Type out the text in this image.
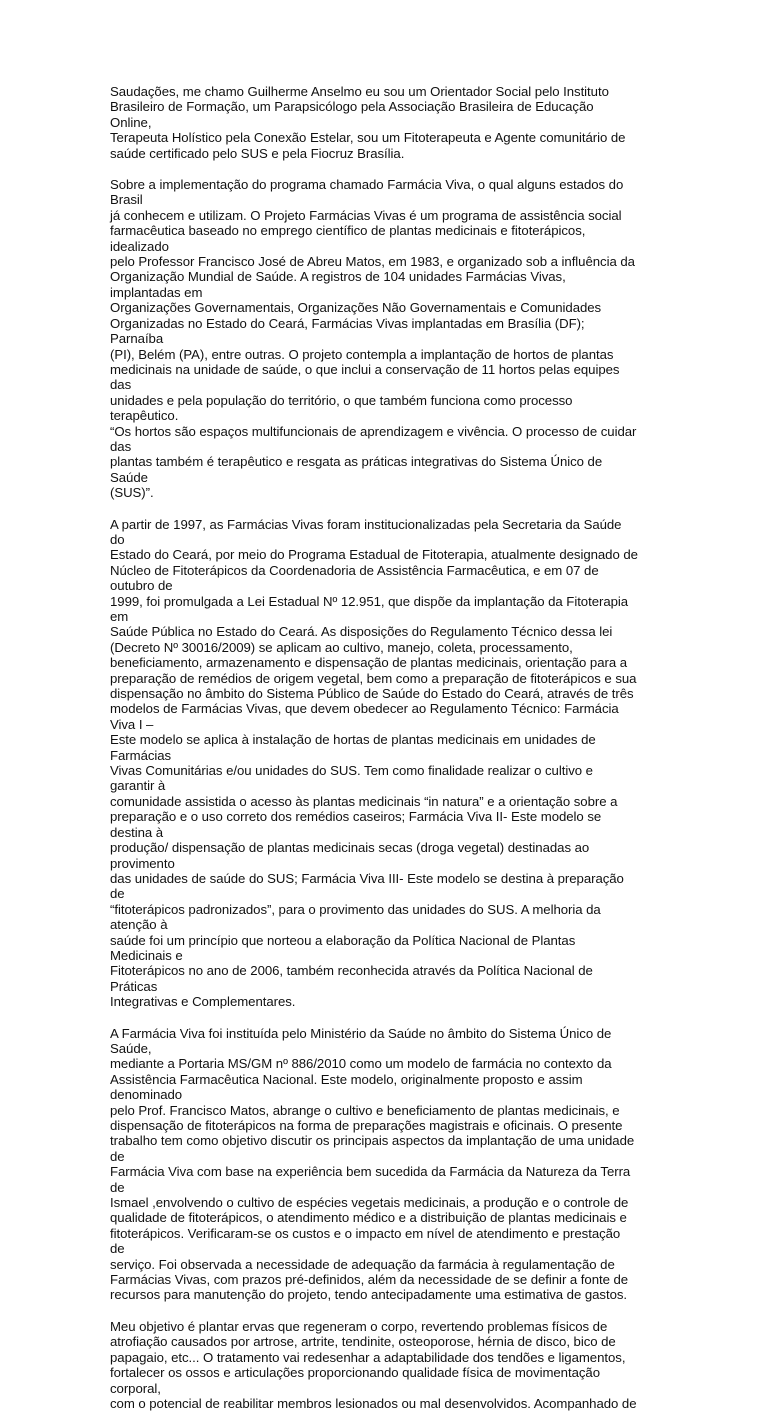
Saudações, me chamo Guilherme Anselmo eu sou um Orientador Social pelo Instituto
Brasileiro de Formação, um Parapsicólogo pela Associação Brasileira de Educação Online,
Terapeuta Holístico pela Conexão Estelar, sou um Fitoterapeuta e Agente comunitário de
saúde certificado pelo SUS e pela Fiocruz Brasília.

Sobre a implementação do programa chamado Farmácia Viva, o qual alguns estados do Brasil
já conhecem e utilizam. O Projeto Farmácias Vivas é um programa de assistência social
farmacêutica baseado no emprego científico de plantas medicinais e fitoterápicos, idealizado
pelo Professor Francisco José de Abreu Matos, em 1983, e organizado sob a influência da
Organização Mundial de Saúde. A registros de 104 unidades Farmácias Vivas, implantadas em
Organizações Governamentais, Organizações Não Governamentais e Comunidades
Organizadas no Estado do Ceará, Farmácias Vivas implantadas em Brasília (DF); Parnaíba
(PI), Belém (PA), entre outras. O projeto contempla a implantação de hortos de plantas
medicinais na unidade de saúde, o que inclui a conservação de 11 hortos pelas equipes das
unidades e pela população do território, o que também funciona como processo terapêutico.
“Os hortos são espaços multifuncionais de aprendizagem e vivência. O processo de cuidar das
plantas também é terapêutico e resgata as práticas integrativas do Sistema Único de Saúde
(SUS)”.

A partir de 1997, as Farmácias Vivas foram institucionalizadas pela Secretaria da Saúde do
Estado do Ceará, por meio do Programa Estadual de Fitoterapia, atualmente designado de
Núcleo de Fitoterápicos da Coordenadoria de Assistência Farmacêutica, e em 07 de outubro de
1999, foi promulgada a Lei Estadual Nº 12.951, que dispõe da implantação da Fitoterapia em
Saúde Pública no Estado do Ceará. As disposições do Regulamento Técnico dessa lei
(Decreto Nº 30016/2009) se aplicam ao cultivo, manejo, coleta, processamento,
beneficiamento, armazenamento e dispensação de plantas medicinais, orientação para a
preparação de remédios de origem vegetal, bem como a preparação de fitoterápicos e sua
dispensação no âmbito do Sistema Público de Saúde do Estado do Ceará, através de três
modelos de Farmácias Vivas, que devem obedecer ao Regulamento Técnico: Farmácia Viva I –
Este modelo se aplica à instalação de hortas de plantas medicinais em unidades de Farmácias
Vivas Comunitárias e/ou unidades do SUS. Tem como finalidade realizar o cultivo e garantir à
comunidade assistida o acesso às plantas medicinais “in natura” e a orientação sobre a
preparação e o uso correto dos remédios caseiros; Farmácia Viva II- Este modelo se destina à
produção/ dispensação de plantas medicinais secas (droga vegetal) destinadas ao provimento
das unidades de saúde do SUS; Farmácia Viva III- Este modelo se destina à preparação de
“fitoterápicos padronizados”, para o provimento das unidades do SUS. A melhoria da atenção à
saúde foi um princípio que norteou a elaboração da Política Nacional de Plantas Medicinais e
Fitoterápicos no ano de 2006, também reconhecida através da Política Nacional de Práticas
Integrativas e Complementares.

A Farmácia Viva foi instituída pelo Ministério da Saúde no âmbito do Sistema Único de Saúde,
mediante a Portaria MS/GM nº 886/2010 como um modelo de farmácia no contexto da
Assistência Farmacêutica Nacional. Este modelo, originalmente proposto e assim denominado
pelo Prof. Francisco Matos, abrange o cultivo e beneficiamento de plantas medicinais, e
dispensação de fitoterápicos na forma de preparações magistrais e oficinais. O presente
trabalho tem como objetivo discutir os principais aspectos da implantação de uma unidade de
Farmácia Viva com base na experiência bem sucedida da Farmácia da Natureza da Terra de
Ismael ,envolvendo o cultivo de espécies vegetais medicinais, a produção e o controle de
qualidade de fitoterápicos, o atendimento médico e a distribuição de plantas medicinais e
fitoterápicos. Verificaram-se os custos e o impacto em nível de atendimento e prestação de
serviço. Foi observada a necessidade de adequação da farmácia à regulamentação de
Farmácias Vivas, com prazos pré-definidos, além da necessidade de se definir a fonte de
recursos para manutenção do projeto, tendo antecipadamente uma estimativa de gastos.

Meu objetivo é plantar ervas que regeneram o corpo, revertendo problemas físicos de
atrofiação causados por artrose, artrite, tendinite, osteoporose, hérnia de disco, bico de
papagaio, etc... O tratamento vai redesenhar a adaptabilidade dos tendões e ligamentos,
fortalecer os ossos e articulações proporcionando qualidade física de movimentação corporal,
com o potencial de reabilitar membros lesionados ou mal desenvolvidos. Acompanhado de
